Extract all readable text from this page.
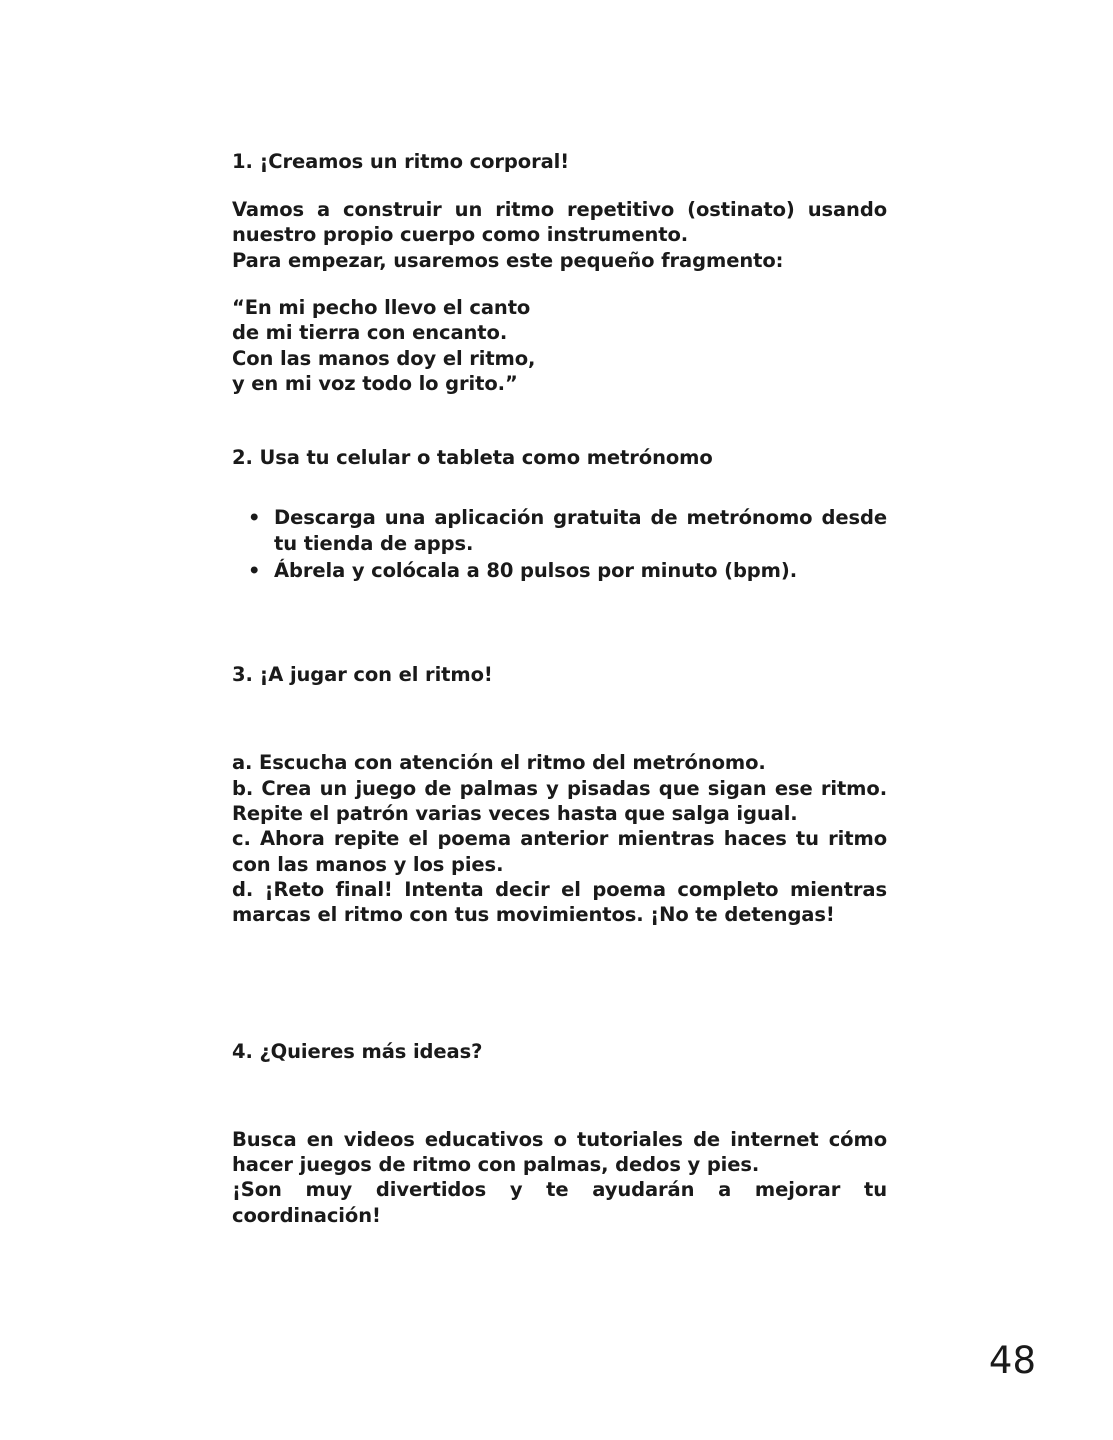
1. ¡Creamos un ritmo corporal!

Vamos a construir un ritmo repetitivo (ostinato) usando nuestro propio cuerpo como instrumento.

Para empezar, usaremos este pequeño fragmento:

“En mi pecho llevo el canto

de mi tierra con encanto.

Con las manos doy el ritmo,

y en mi voz todo lo grito.”

2. Usa tu celular o tableta como metrónomo
• Descarga una aplicación gratuita de metrónomo desde tu tienda de apps.
• Ábrela y colócala a 80 pulsos por minuto (bpm).
3. ¡A jugar con el ritmo!

a. Escucha con atención el ritmo del metrónomo.

b. Crea un juego de palmas y pisadas que sigan ese ritmo. Repite el patrón varias veces hasta que salga igual.

c. Ahora repite el poema anterior mientras haces tu ritmo con las manos y los pies.

d. ¡Reto final! Intenta decir el poema completo mientras marcas el ritmo con tus movimientos. ¡No te detengas!

4. ¿Quieres más ideas?

Busca en videos educativos o tutoriales de internet cómo hacer juegos de ritmo con palmas, dedos y pies.

¡Son muy divertidos y te ayudarán a mejorar tu coordinación!

48
